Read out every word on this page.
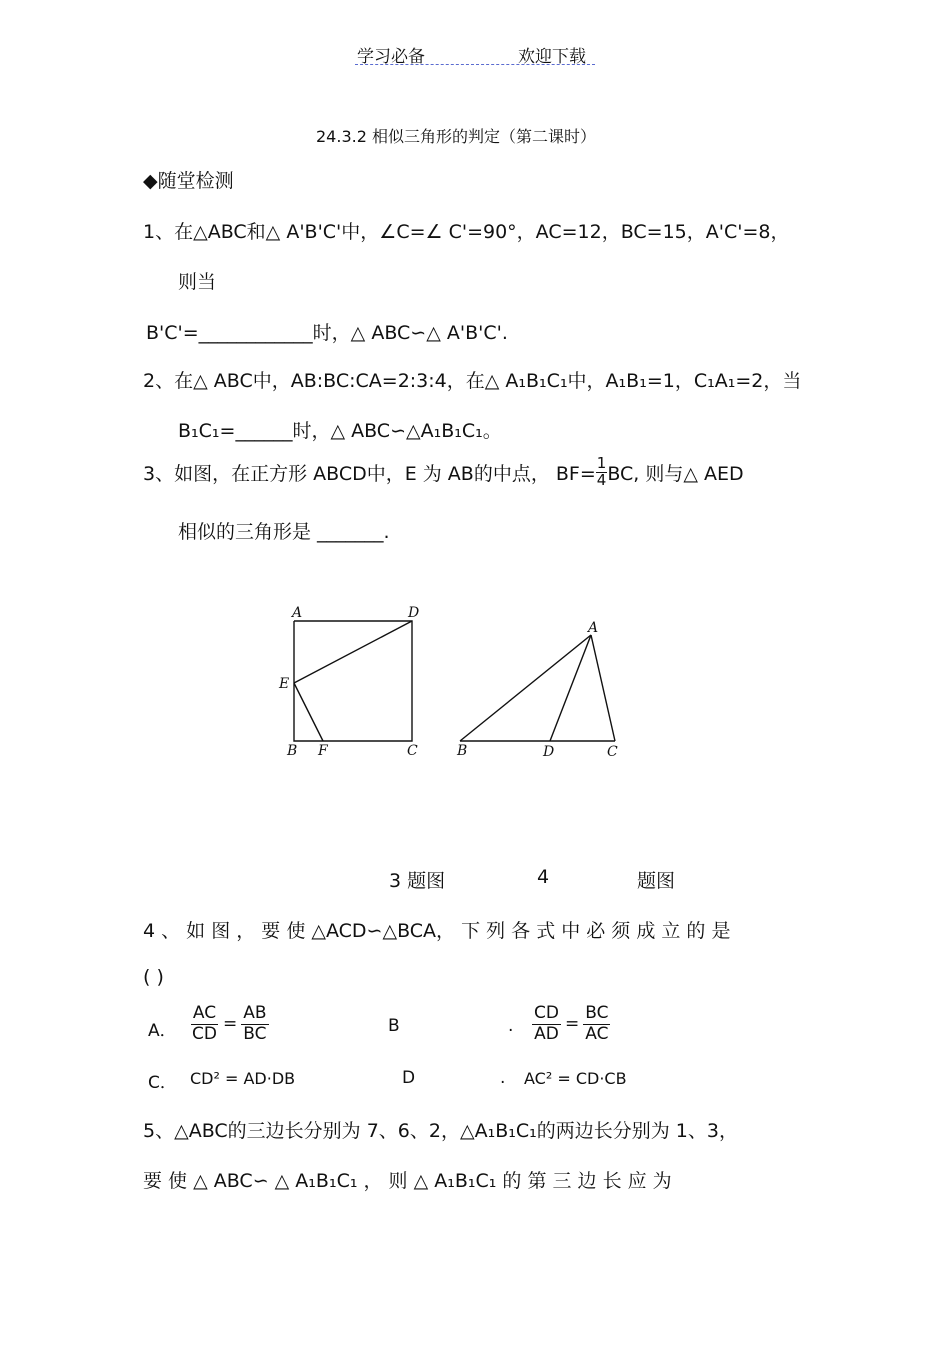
学习必备	欢迎下载
24.3.2 相似三角形的判定（第二课时）
◆随堂检测
1、在△ABC和△ A'B'C'中，∠C=∠ C'=90°，AC=12，BC=15，A'C'=8，
则当
B'C'=____________时，△ ABC∽△ A'B'C'.
2、在△ ABC中，AB:BC:CA=2:3:4，在△ A₁B₁C₁中，A₁B₁=1，C₁A₁=2，当
B₁C₁=______时，△ ABC∽△A₁B₁C₁。
3、如图，在正方形 ABCD中，E 为 AB的中点， $BF= \frac{1}{4}$ BC, 则与△ AED
相似的三角形是 _______.
A	D
E
B F	C
A
B	D	C
3 题图	4	题图
4 、 如 图 ， 要 使 △ACD∽△BCA， 下 列 各 式 中 必 须 成 立 的 是
( )
A． $\frac{AC}{CD} = \frac{AB}{BC}$	B	. $\frac{CD}{AD} = \frac{BC}{AC}$
C． CD² = AD·DB	D	. AC² = CD·CB
5、△ABC的三边长分别为 7、6、2，△A₁B₁C₁的两边长分别为 1、3，
要 使 △ ABC∽ △ A₁B₁C₁ ， 则 △ A₁B₁C₁ 的 第 三 边 长 应 为
